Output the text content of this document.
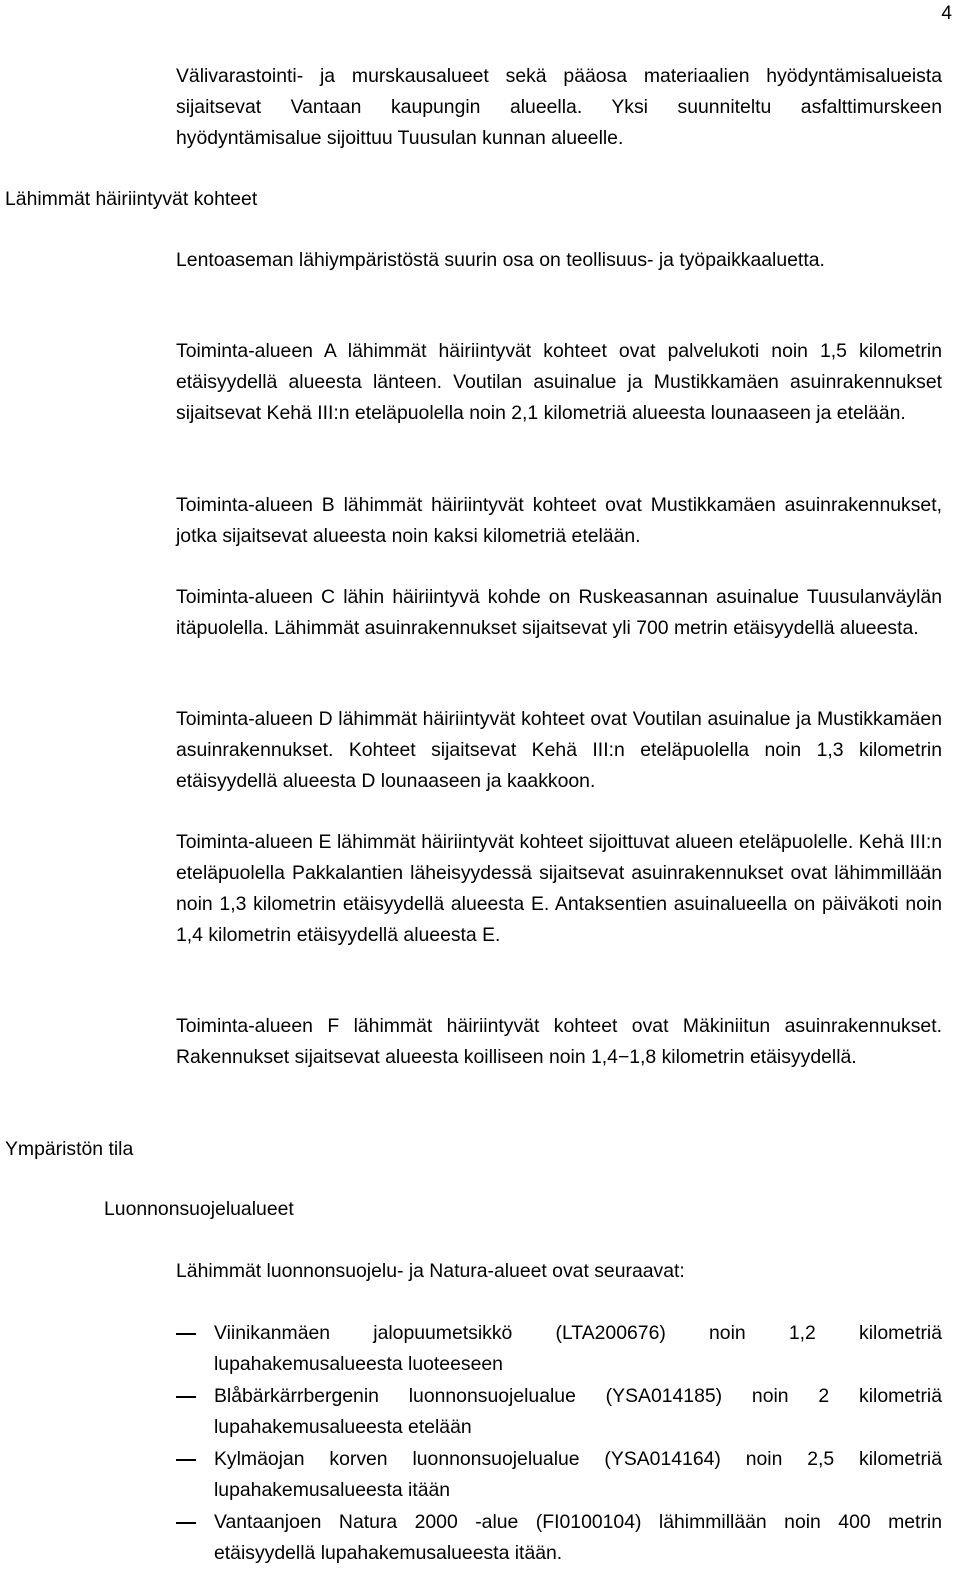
4

Välivarastointi- ja murskausalueet sekä pääosa materiaalien hyödyntämisalueista sijaitsevat Vantaan kaupungin alueella. Yksi suunniteltu asfalttimurskeen hyödyntämisalue sijoittuu Tuusulan kunnan alueelle.

Lähimmät häiriintyvät kohteet

Lentoaseman lähiympäristöstä suurin osa on teollisuus- ja työpaikkaaluetta.

Toiminta-alueen A lähimmät häiriintyvät kohteet ovat palvelukoti noin 1,5 kilometrin etäisyydellä alueesta länteen. Voutilan asuinalue ja Mustikkamäen asuinrakennukset sijaitsevat Kehä III:n eteläpuolella noin 2,1 kilometriä alueesta lounaaseen ja etelään.

Toiminta-alueen B lähimmät häiriintyvät kohteet ovat Mustikkamäen asuinrakennukset, jotka sijaitsevat alueesta noin kaksi kilometriä etelään.

Toiminta-alueen C lähin häiriintyvä kohde on Ruskeasannan asuinalue Tuusulanväylän itäpuolella. Lähimmät asuinrakennukset sijaitsevat yli 700 metrin etäisyydellä alueesta.

Toiminta-alueen D lähimmät häiriintyvät kohteet ovat Voutilan asuinalue ja Mustikkamäen asuinrakennukset. Kohteet sijaitsevat Kehä III:n eteläpuolella noin 1,3 kilometrin etäisyydellä alueesta D lounaaseen ja kaakkoon.

Toiminta-alueen E lähimmät häiriintyvät kohteet sijoittuvat alueen eteläpuolelle. Kehä III:n eteläpuolella Pakkalantien läheisyydessä sijaitsevat asuinrakennukset ovat lähimmillään noin 1,3 kilometrin etäisyydellä alueesta E. Antaksentien asuinalueella on päiväkoti noin 1,4 kilometrin etäisyydellä alueesta E.

Toiminta-alueen F lähimmät häiriintyvät kohteet ovat Mäkiniitun asuinrakennukset. Rakennukset sijaitsevat alueesta koilliseen noin 1,4−1,8 kilometrin etäisyydellä.

Ympäristön tila
Luonnonsuojelualueet

Lähimmät luonnonsuojelu- ja Natura-alueet ovat seuraavat:

Viinikanmäen jalopuumetsikkö (LTA200676) noin 1,2 kilometriä lupahakemusalueesta luoteeseen
Blåbärkärrbergenin luonnonsuojelualue (YSA014185) noin 2 kilometriä lupahakemusalueesta etelään
Kylmäojan korven luonnonsuojelualue (YSA014164) noin 2,5 kilometriä lupahakemusalueesta itään
Vantaanjoen Natura 2000 -alue (FI0100104) lähimmillään noin 400 metrin etäisyydellä lupahakemusalueesta itään.
